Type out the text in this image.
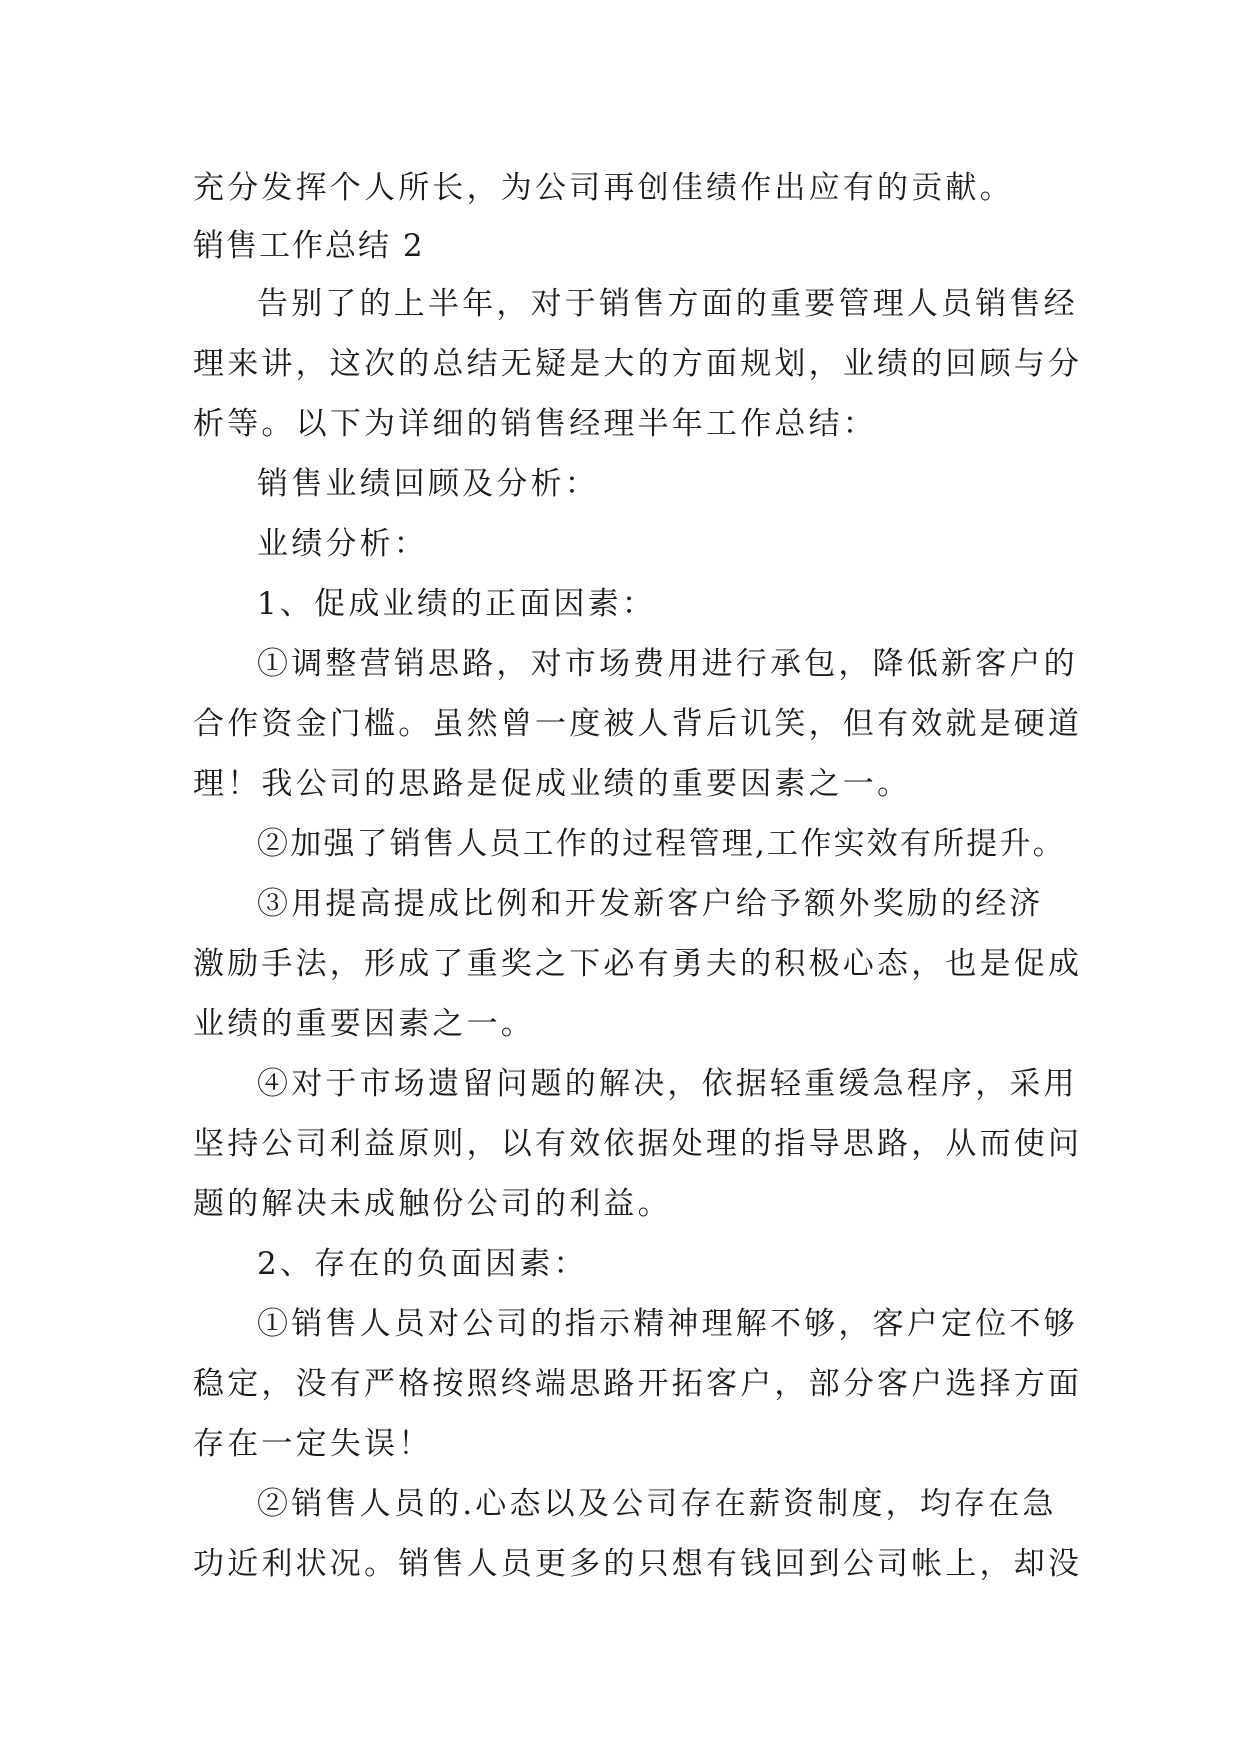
充分发挥个人所长，为公司再创佳绩作出应有的贡献。
销售工作总结 2
告别了的上半年，对于销售方面的重要管理人员销售经
理来讲，这次的总结无疑是大的方面规划，业绩的回顾与分
析等。以下为详细的销售经理半年工作总结：
销售业绩回顾及分析：
业绩分析：
1、促成业绩的正面因素：
①调整营销思路，对市场费用进行承包，降低新客户的
合作资金门槛。虽然曾一度被人背后讥笑，但有效就是硬道
理！我公司的思路是促成业绩的重要因素之一。
②加强了销售人员工作的过程管理,工作实效有所提升。
③用提高提成比例和开发新客户给予额外奖励的经济
激励手法，形成了重奖之下必有勇夫的积极心态，也是促成
业绩的重要因素之一。
④对于市场遗留问题的解决，依据轻重缓急程序，采用
坚持公司利益原则，以有效依据处理的指导思路，从而使问
题的解决未成触份公司的利益。
2、存在的负面因素：
①销售人员对公司的指示精神理解不够，客户定位不够
稳定，没有严格按照终端思路开拓客户，部分客户选择方面
存在一定失误！
②销售人员的.心态以及公司存在薪资制度，均存在急
功近利状况。销售人员更多的只想有钱回到公司帐上，却没
